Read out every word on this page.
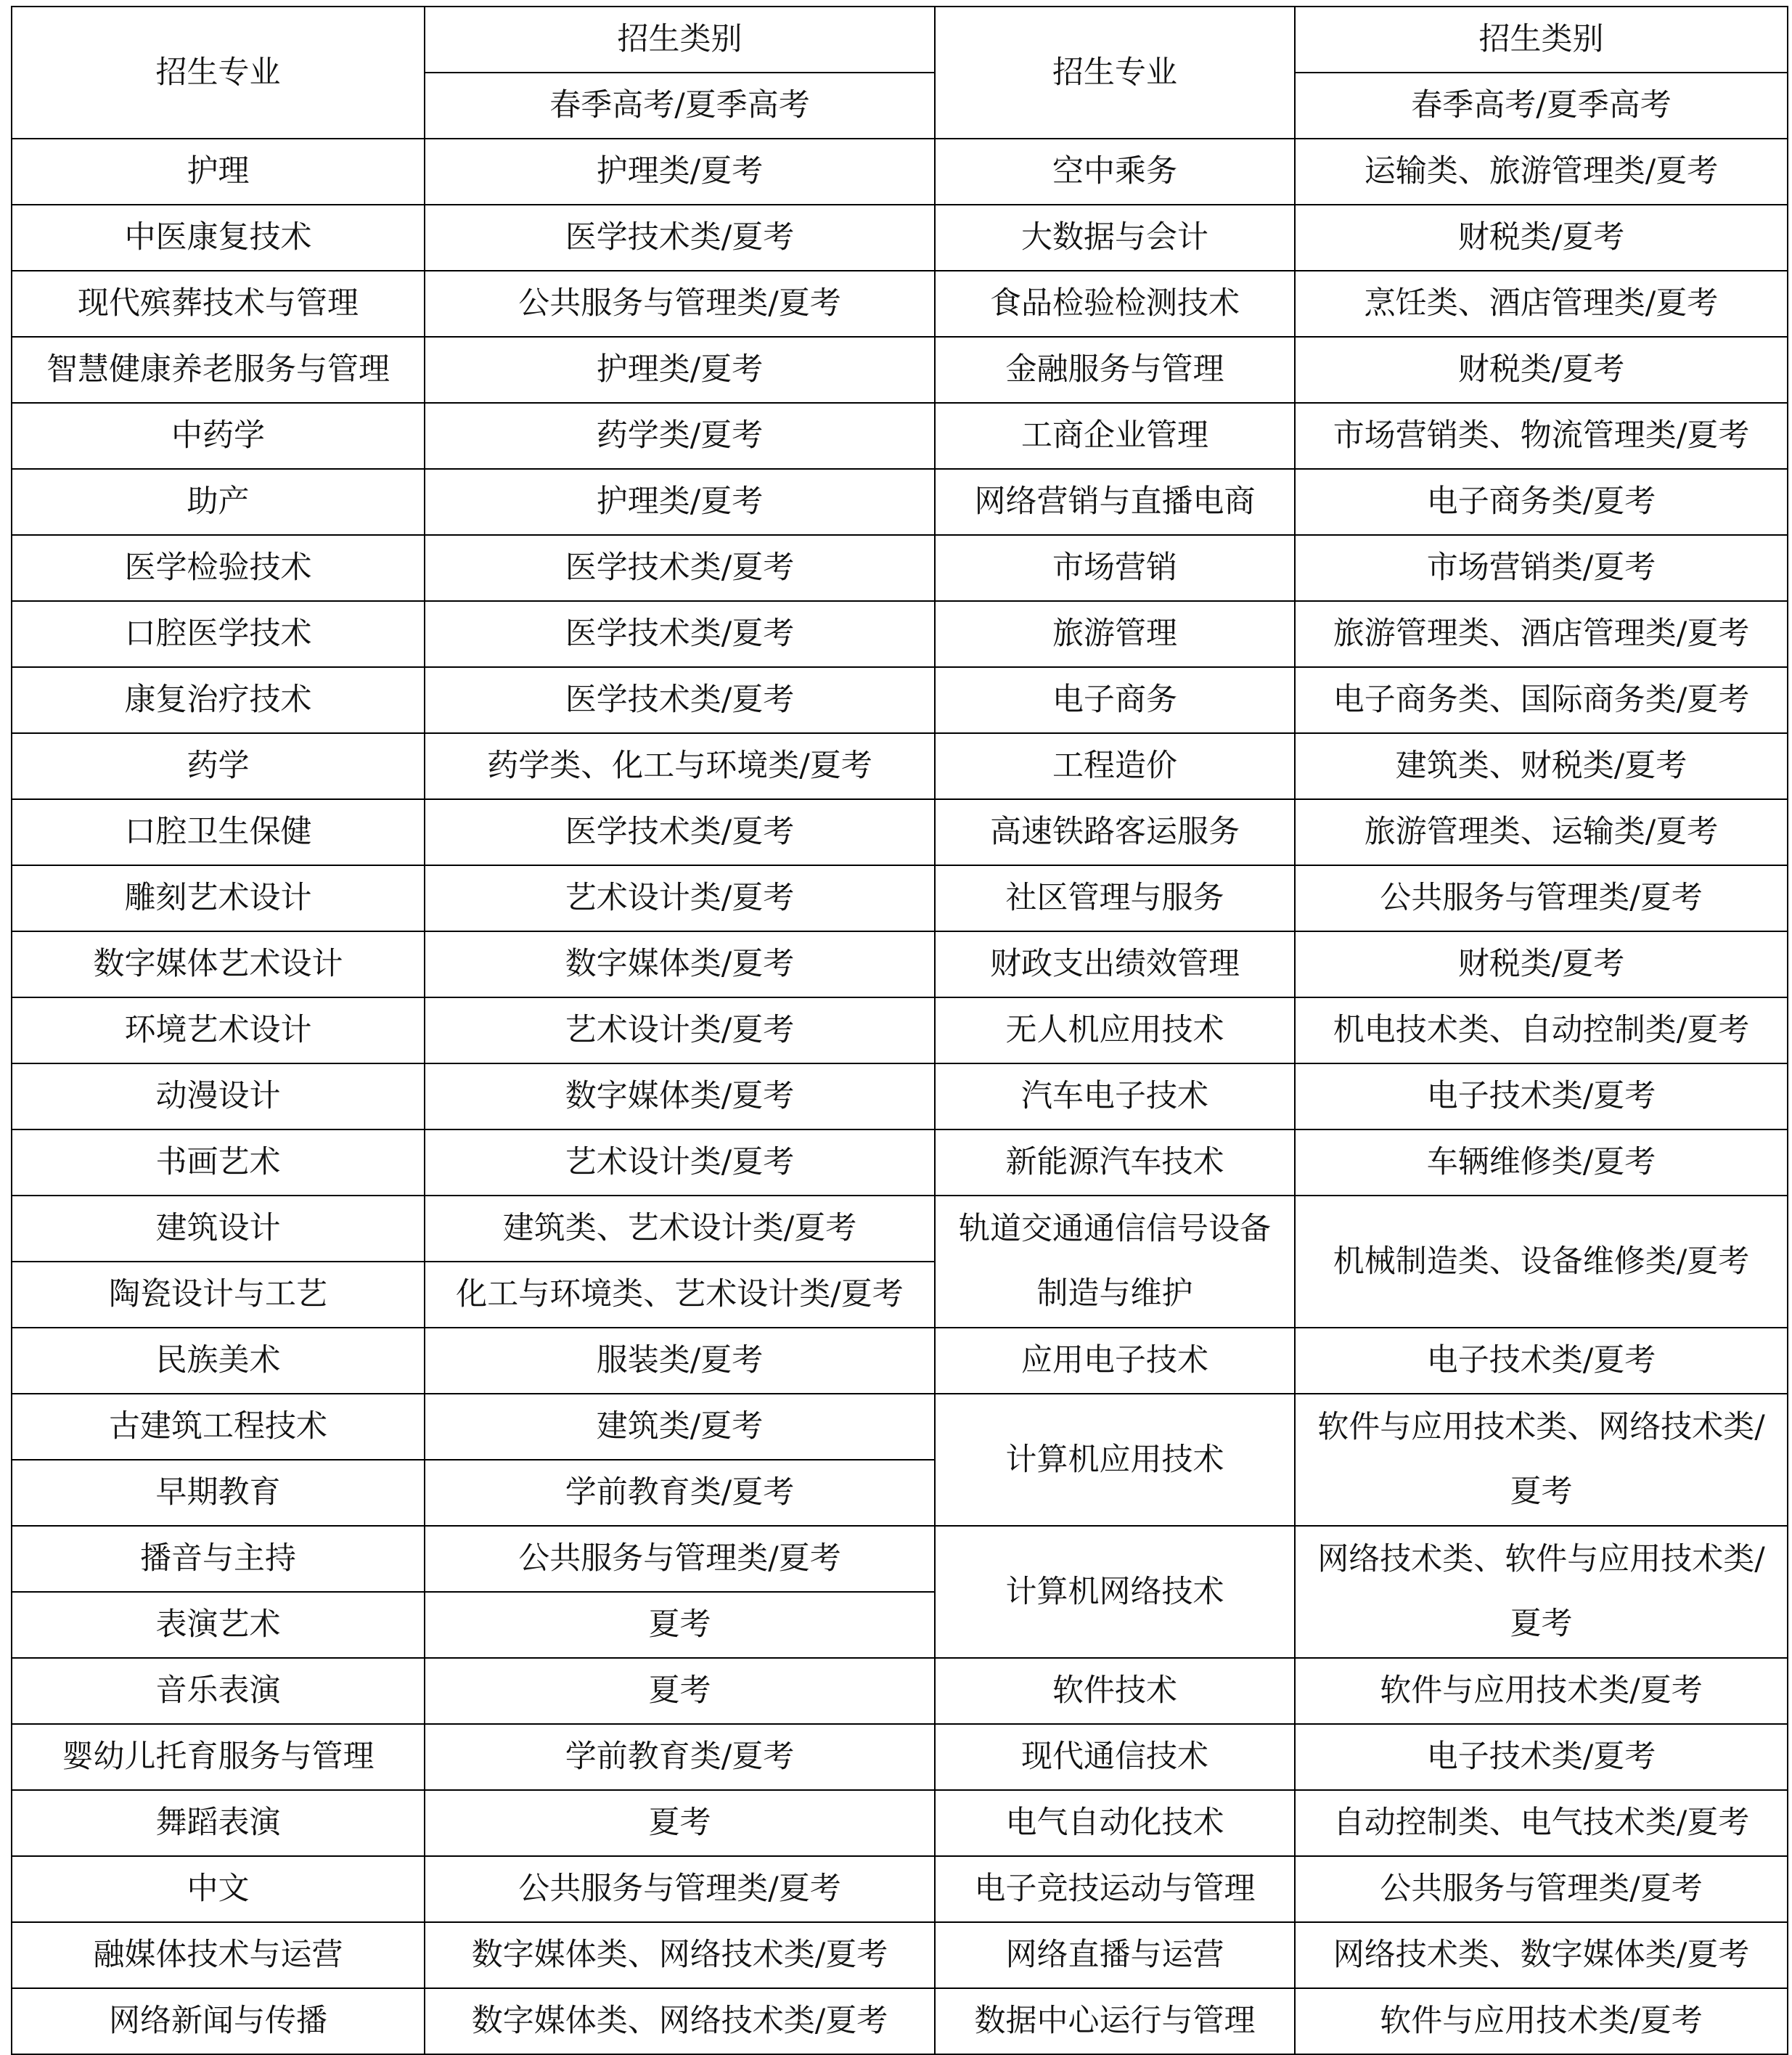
招生专业	招生类别	招生专业	招生类别
	春季高考/夏季高考		春季高考/夏季高考
护理	护理类/夏考	空中乘务	运输类、旅游管理类/夏考
中医康复技术	医学技术类/夏考	大数据与会计	财税类/夏考
现代殡葬技术与管理	公共服务与管理类/夏考	食品检验检测技术	烹饪类、酒店管理类/夏考
智慧健康养老服务与管理	护理类/夏考	金融服务与管理	财税类/夏考
中药学	药学类/夏考	工商企业管理	市场营销类、物流管理类/夏考
助产	护理类/夏考	网络营销与直播电商	电子商务类/夏考
医学检验技术	医学技术类/夏考	市场营销	市场营销类/夏考
口腔医学技术	医学技术类/夏考	旅游管理	旅游管理类、酒店管理类/夏考
康复治疗技术	医学技术类/夏考	电子商务	电子商务类、国际商务类/夏考
药学	药学类、化工与环境类/夏考	工程造价	建筑类、财税类/夏考
口腔卫生保健	医学技术类/夏考	高速铁路客运服务	旅游管理类、运输类/夏考
雕刻艺术设计	艺术设计类/夏考	社区管理与服务	公共服务与管理类/夏考
数字媒体艺术设计	数字媒体类/夏考	财政支出绩效管理	财税类/夏考
环境艺术设计	艺术设计类/夏考	无人机应用技术	机电技术类、自动控制类/夏考
动漫设计	数字媒体类/夏考	汽车电子技术	电子技术类/夏考
书画艺术	艺术设计类/夏考	新能源汽车技术	车辆维修类/夏考
建筑设计	建筑类、艺术设计类/夏考	轨道交通通信信号设备制造与维护	机械制造类、设备维修类/夏考
陶瓷设计与工艺	化工与环境类、艺术设计类/夏考		
民族美术	服装类/夏考	应用电子技术	电子技术类/夏考
古建筑工程技术	建筑类/夏考	计算机应用技术	软件与应用技术类、网络技术类/夏考
早期教育	学前教育类/夏考		
播音与主持	公共服务与管理类/夏考	计算机网络技术	网络技术类、软件与应用技术类/夏考
表演艺术	夏考		
音乐表演	夏考	软件技术	软件与应用技术类/夏考
婴幼儿托育服务与管理	学前教育类/夏考	现代通信技术	电子技术类/夏考
舞蹈表演	夏考	电气自动化技术	自动控制类、电气技术类/夏考
中文	公共服务与管理类/夏考	电子竞技运动与管理	公共服务与管理类/夏考
融媒体技术与运营	数字媒体类、网络技术类/夏考	网络直播与运营	网络技术类、数字媒体类/夏考
网络新闻与传播	数字媒体类、网络技术类/夏考	数据中心运行与管理	软件与应用技术类/夏考
